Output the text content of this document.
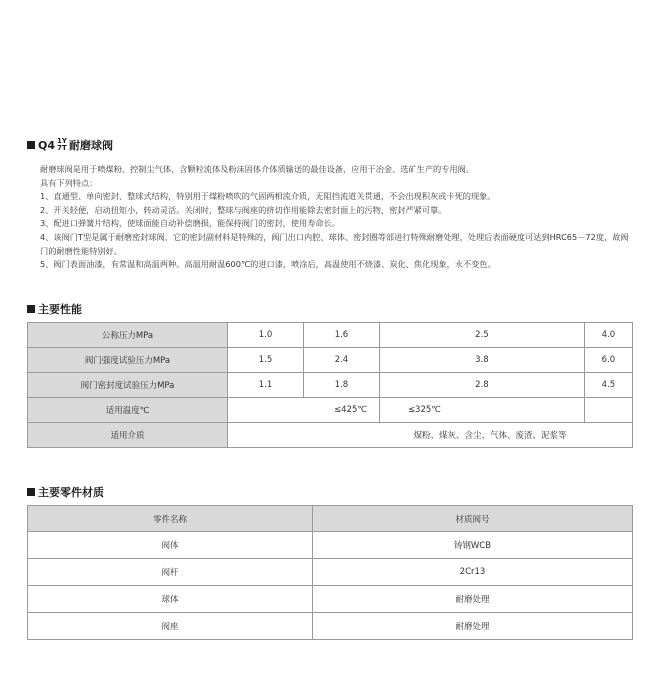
Q4 1Y
7T 耐磨球阀

耐磨球阀是用于喷煤粉、控制尘气体、含颗粒流体及粉沫固体介体质输送的最佳设备，应用于冶金、选矿生产的专用阀。

具有下列特点：

1、直通型、单向密封、整球式结构，特别用于煤粉喷吹的气固两相流介质，无阻挡流道关贯通，不会出现积灰或卡死的现象。

2、开关轻便，启动扭矩小，转动灵活。关闭时，整球与阀座的挤切作用能除去密封面上的污物，密封严紧可靠。

3、配进口弹簧片结构，使球面能自动补偿磨损，能保持阀门的密封，使用寿命长。

4、该阀门T型是属于耐磨密封球阀，它的密封副材料是特殊的，阀门出口内腔、球体、密封圈等部进行特殊耐磨处理，处理后表面硬度可达到HRC65－72度，故阀门的耐磨性能特别好。

5、阀门表面油漆，有常温和高温两种。高温用耐温600℃的进口漆，喷涂后，高温使用不烧漆、炭化、焦化现象，永不变色。

主要性能
公称压力MPa	1.0	1.6	2.5	4.0
阀门强度试验压力MPa	1.5	2.4	3.8	6.0
阀门密封度试验压力MPa	1.1	1.8	2.8	4.5
适用温度℃	≤425℃		≤325℃	
适用介质	煤粉、煤灰、含尘、气体、废渣、泥浆等			
主要零件材质
零件名称	材质阀号
阀体	铸钢WCB
阀杆	2Cr13
球体	耐磨处理
阀座	耐磨处理
